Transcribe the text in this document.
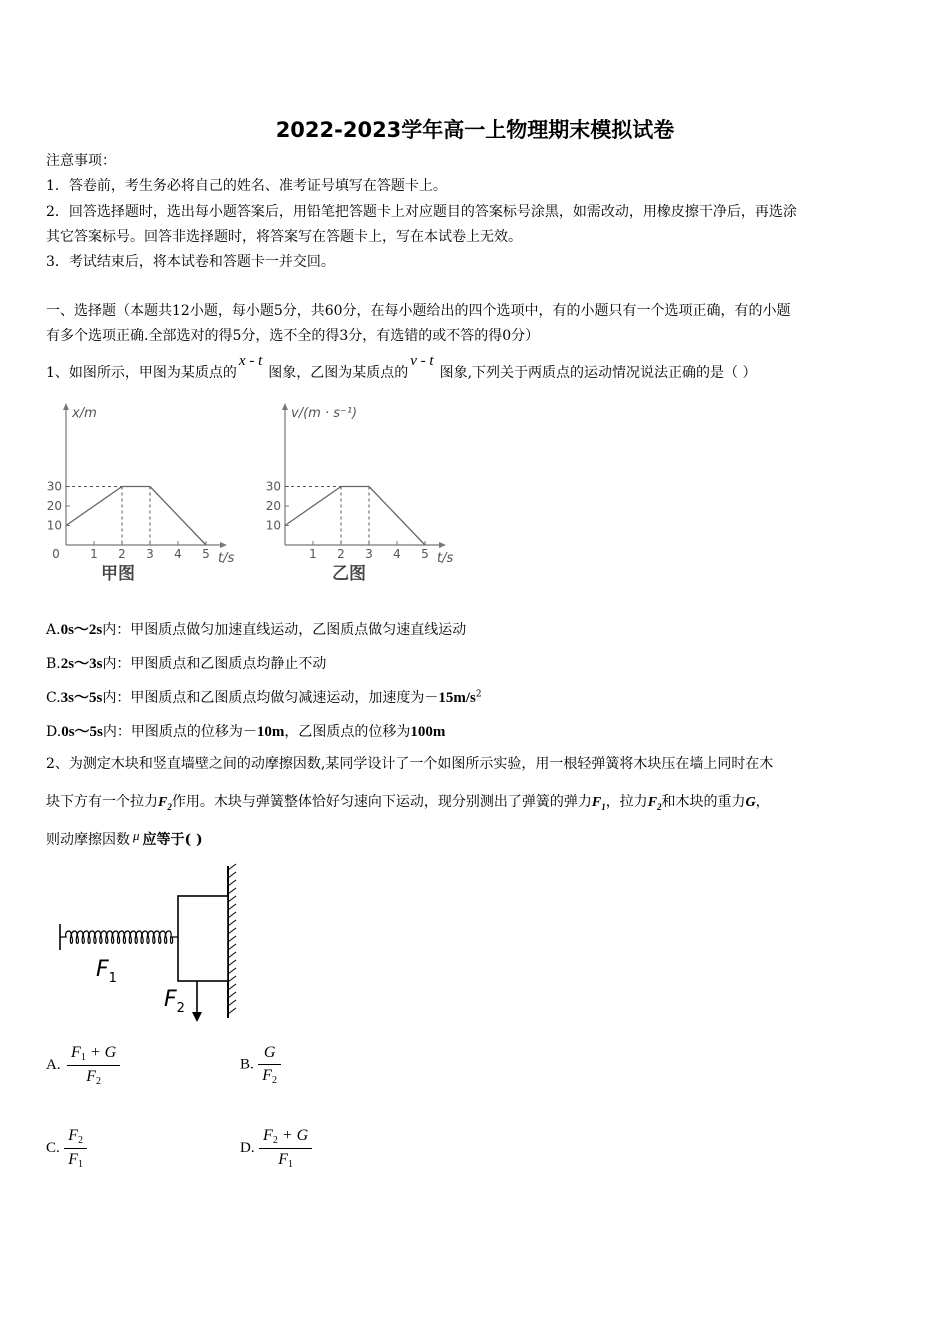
2022-2023学年高一上物理期末模拟试卷
注意事项：
1．答卷前，考生务必将自己的姓名、准考证号填写在答题卡上。
2．回答选择题时，选出每小题答案后，用铅笔把答题卡上对应题目的答案标号涂黑，如需改动，用橡皮擦干净后，再选涂
其它答案标号。回答非选择题时，将答案写在答题卡上，写在本试卷上无效。
3．考试结束后，将本试卷和答题卡一并交回。
一、选择题（本题共12小题，每小题5分，共60分，在每小题给出的四个选项中，有的小题只有一个选项正确，有的小题
有多个选项正确.全部选对的得5分，选不全的得3分，有选错的或不答的得0分）
1、如图所示，甲图为某质点的x - t图象，乙图为某质点的v - t图象,下列关于两质点的运动情况说法正确的是（ ）
x/m
t/s
0	1 2 3 4 5
10
20
30
甲图
v/(m · s⁻¹)
t/s
1 2 3 4 5
10
20
30
乙图
A.0s～2s内：甲图质点做匀加速直线运动，乙图质点做匀速直线运动
B.2s～3s内：甲图质点和乙图质点均静止不动
C.3s～5s内：甲图质点和乙图质点均做匀减速运动，加速度为$-15m/s^2$
D.0s～5s内：甲图质点的位移为－10m，乙图质点的位移为100m
2、为测定木块和竖直墙壁之间的动摩擦因数,某同学设计了一个如图所示实验，用一根轻弹簧将木块压在墙上同时在木
块下方有一个拉力$F_2$作用。木块与弹簧整体恰好匀速向下运动，现分别测出了弹簧的弹力$F_1$，拉力$F_2$和木块的重力G，
则动摩擦因数 μ 应等于( )
$F_1$
$F_2$
A. $\frac{F_1 + G}{F_2}$	B. $\frac{G}{F_2}$
C. $\frac{F_2}{F_1}$	D. $\frac{F_2 + G}{F_1}$
